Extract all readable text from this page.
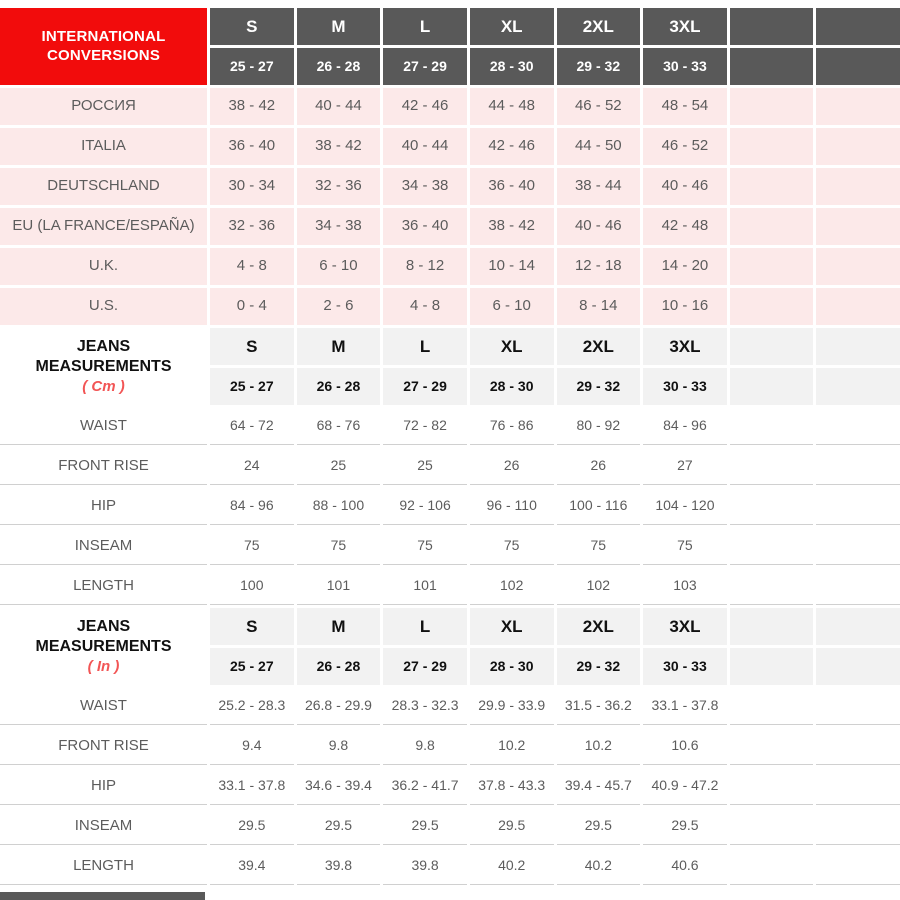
INTERNATIONAL
CONVERSIONS
S	M	L	XL	2XL	3XL
25 - 27	26 - 28	27 - 29	28 - 30	29 - 32	30 - 33
РОССИЯ	38 - 42	40 - 44	42 - 46	44 - 48	46 - 52	48 - 54
ITALIA	36 - 40	38 - 42	40 - 44	42 - 46	44 - 50	46 - 52
DEUTSCHLAND	30 - 34	32 - 36	34 - 38	36 - 40	38 - 44	40 - 46
EU (LA FRANCE/ESPAÑA)	32 - 36	34 - 38	36 - 40	38 - 42	40 - 46	42 - 48
U.K.	4 - 8	6 - 10	8 - 12	10 - 14	12 - 18	14 - 20
U.S.	0 - 4	2 - 6	4 - 8	6 - 10	8 - 14	10 - 16
JEANS
MEASUREMENTS
( Cm )
S	M	L	XL	2XL	3XL
25 - 27	26 - 28	27 - 29	28 - 30	29 - 32	30 - 33
WAIST	64 - 72	68 - 76	72 - 82	76 - 86	80 - 92	84 - 96
FRONT RISE	24	25	25	26	26	27
HIP	84 - 96	88 - 100	92 - 106	96 - 110	100 - 116	104 - 120
INSEAM	75	75	75	75	75	75
LENGTH	100	101	101	102	102	103
JEANS
MEASUREMENTS
( In )
S	M	L	XL	2XL	3XL
25 - 27	26 - 28	27 - 29	28 - 30	29 - 32	30 - 33
WAIST	25.2 - 28.3	26.8 - 29.9	28.3 - 32.3	29.9 - 33.9	31.5 - 36.2	33.1 - 37.8
FRONT RISE	9.4	9.8	9.8	10.2	10.2	10.6
HIP	33.1 - 37.8	34.6 - 39.4	36.2 - 41.7	37.8 - 43.3	39.4 - 45.7	40.9 - 47.2
INSEAM	29.5	29.5	29.5	29.5	29.5	29.5
LENGTH	39.4	39.8	39.8	40.2	40.2	40.6
